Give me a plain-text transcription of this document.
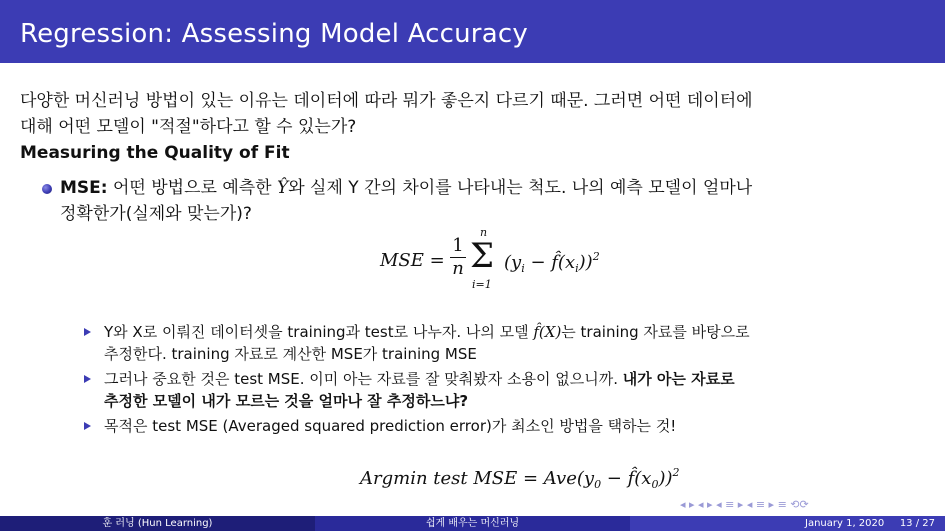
Regression: Assessing Model Accuracy

다양한 머신러닝 방법이 있는 이유는 데이터에 따라 뭐가 좋은지 다르기 때문. 그러면 어떤 데이터에
대해 어떤 모델이 "적절"하다고 할 수 있는가?

Measuring the Quality of Fit

MSE: 어떤 방법으로 예측한 Ŷ와 실제 Y 간의 차이를 나타내는 척도. 나의 예측 모델이 얼마나
정확한가(실제와 맞는가)?
MSE =
1
n
n
Σ
i=1
($y_i$ − $f̂(x_i))^2$
Y와 X로 이뤄진 데이터셋을 training과 test로 나누자. 나의 모델 f̂(X)는 training 자료를 바탕으로
추정한다. training 자료로 계산한 MSE가 training MSE
그러나 중요한 것은 test MSE. 이미 아는 자료를 잘 맞춰봤자 소용이 없으니까. 내가 아는 자료로
추정한 모델이 내가 모르는 것을 얼마나 잘 추정하느냐?
목적은 test MSE (Averaged squared prediction error)가 최소인 방법을 택하는 것!
Argmin test MSE = $Ave(y_0$ − $f̂(x_0))^2$
◂ ▸ ◂ ▸ ◂ ≡ ▸ ◂ ≡ ▸ ≡ ⟲⟳
훈 러닝 (Hun Learning)	쉽게 배우는 머신러닝	January 1, 2020 13 / 27
